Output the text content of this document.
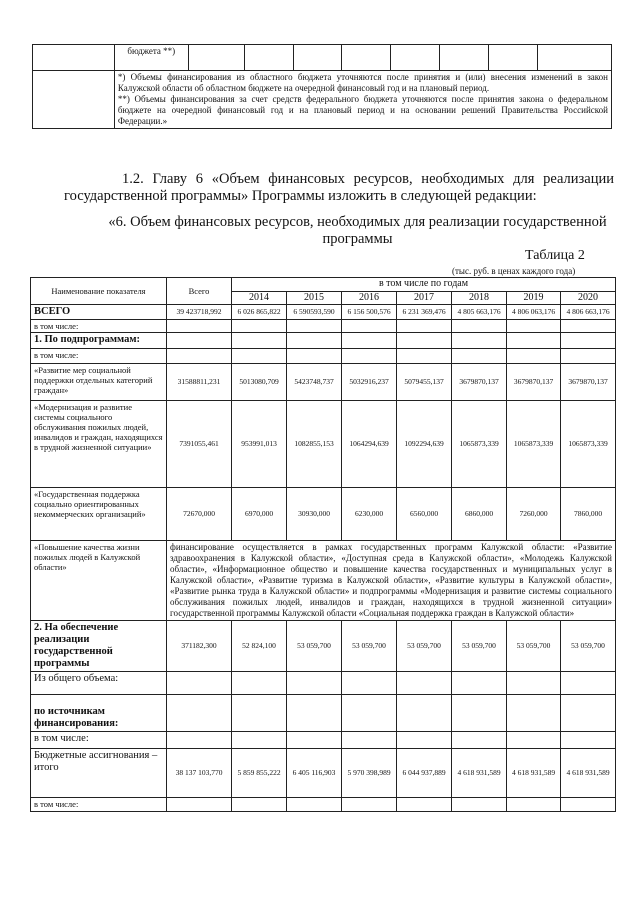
	бюджета **)								

	*) Объемы финансирования из областного бюджета уточняются после принятия и (или) внесения изменений в закон Калужской области об областном бюджете на очередной финансовый год и на плановый период.
**) Объемы финансирования за счет средств федерального бюджета уточняются после принятия закона о федеральном бюджете на очередной финансовый год и на плановый период и на основании решений Правительства Российской Федерации.»								
1.2. Главу 6 «Объем финансовых ресурсов, необходимых для реализации государственной программы» Программы изложить в следующей редакции:
«6. Объем финансовых ресурсов, необходимых для реализации государственной программы
Таблица 2
(тыс. руб. в ценах каждого года)
Наименование показателя	Всего	в том числе по годам						
		2014	2015	2016	2017	2018	2019	2020
ВСЕГО	39 423718,992	6 026 865,822	6 590593,590	6 156 500,576	6 231 369,476	4 805 663,176	4 806 063,176	4 806 663,176
в том числе:								
1. По подпрограммам:								
в том числе:								
«Развитие мер социальной поддержки отдельных категорий граждан»	31588811,231	5013080,709	5423748,737	5032916,237	5079455,137	3679870,137	3679870,137	3679870,137
«Модернизация и развитие системы социального обслуживания пожилых людей, инвалидов и граждан, находящихся в трудной жизненной ситуации»	7391055,461	953991,013	1082855,153	1064294,639	1092294,639	1065873,339	1065873,339	1065873,339
«Государственная поддержка социально ориентированных некоммерческих организаций»	72670,000	6970,000	30930,000	6230,000	6560,000	6860,000	7260,000	7860,000
«Повышение качества жизни пожилых людей в Калужской области»	финансирование осуществляется в рамках государственных программ Калужской области: «Развитие здравоохранения в Калужской области», «Доступная среда в Калужской области», «Молодежь Калужской области», «Информационное общество и повышение качества государственных и муниципальных услуг в Калужской области», «Развитие туризма в Калужской области», «Развитие культуры в Калужской области», «Развитие рынка труда в Калужской области» и подпрограммы «Модернизация и развитие системы социального обслуживания пожилых людей, инвалидов и граждан, находящихся в трудной жизненной ситуации» государственной программы Калужской области «Социальная поддержка граждан в Калужской области»							
2. На обеспечение реализации государственной программы	371182,300	52 824,100	53 059,700	53 059,700	53 059,700	53 059,700	53 059,700	53 059,700
Из общего объема:								
по источникам финансирования:								
в том числе:								
Бюджетные ассигнования – итого	38 137 103,770	5 859 855,222	6 405 116,903	5 970 398,989	6 044 937,889	4 618 931,589	4 618 931,589	4 618 931,589
в том числе:								
